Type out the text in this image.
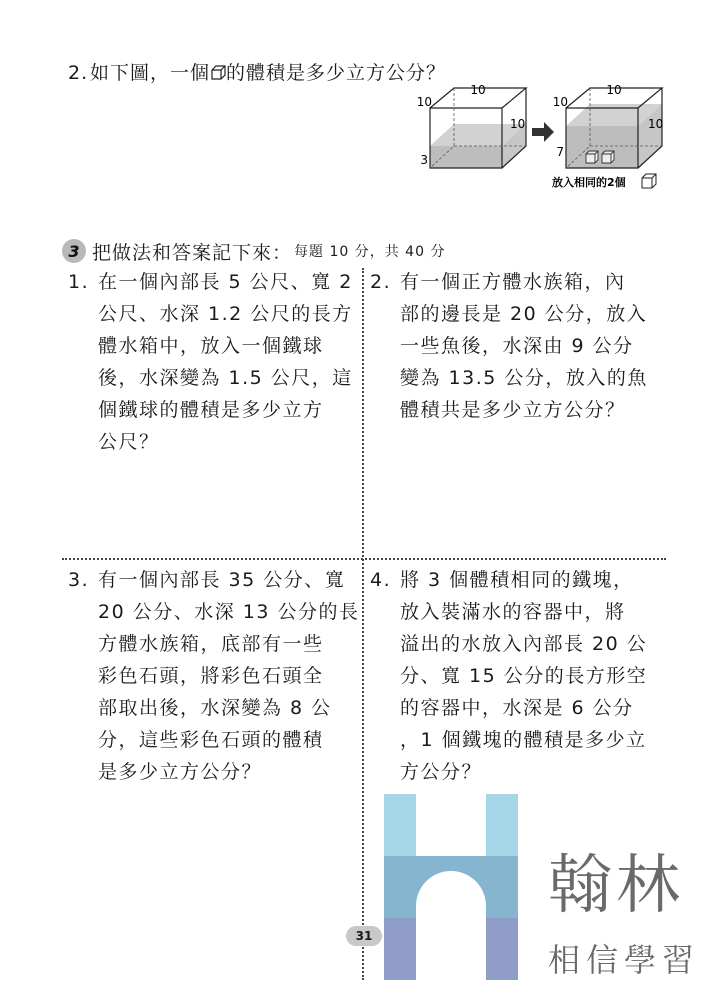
2.如下圖，一個 的體積是多少立方公分？
10
10
10
3
10
10
10
7
放入相同的2個
3 把做法和答案記下來： 每題 10 分，共 40 分
1. 在一個內部長 5 公尺、寬 2
公尺、水深 1.2 公尺的長方
體水箱中，放入一個鐵球
後，水深變為 1.5 公尺，這
個鐵球的體積是多少立方
公尺？
2. 有一個正方體水族箱，內
部的邊長是 20 公分，放入
一些魚後，水深由 9 公分
變為 13.5 公分，放入的魚
體積共是多少立方公分？
3. 有一個內部長 35 公分、寬
20 公分、水深 13 公分的長
方體水族箱，底部有一些
彩色石頭，將彩色石頭全
部取出後，水深變為 8 公
分，這些彩色石頭的體積
是多少立方公分？
4. 將 3 個體積相同的鐵塊，
放入裝滿水的容器中，將
溢出的水放入內部長 20 公
分、寬 15 公分的長方形空
的容器中，水深是 6 公分
，1 個鐵塊的體積是多少立
方公分？
31
翰林
相信學習
